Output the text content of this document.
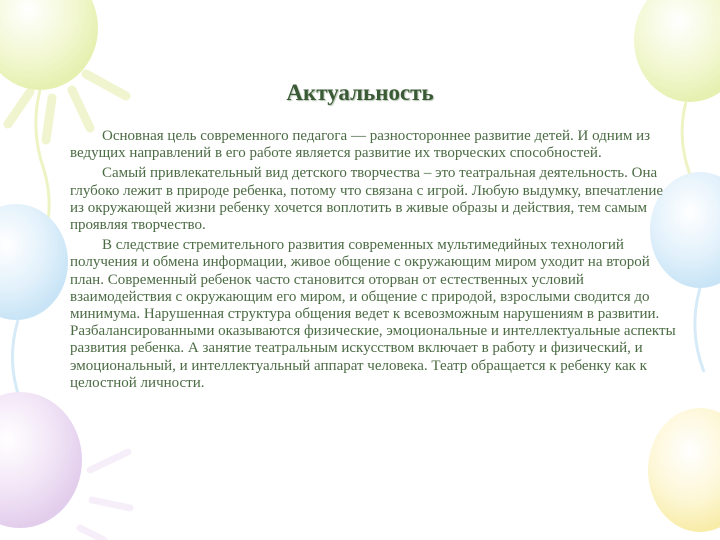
Актуальность

Основная цель современного педагога — разностороннее развитие детей. И одним из ведущих направлений в его работе является развитие их творческих способностей.

Самый привлекательный вид детского творчества – это театральная деятельность. Она глубоко лежит в природе ребенка, потому что связана с игрой. Любую выдумку, впечатление из окружающей жизни ребенку хочется воплотить в живые образы и действия, тем самым проявляя творчество.

В следствие стремительного развития современных мультимедийных технологий получения и обмена информации, живое общение с окружающим миром уходит на второй план. Современный ребенок часто становится оторван от естественных условий взаимодействия с окружающим его миром, и общение с природой, взрослыми сводится до минимума. Нарушенная структура общения ведет к всевозможным нарушениям в развитии. Разбалансированными оказываются физические, эмоциональные и интеллектуальные аспекты развития ребенка. А занятие театральным искусством включает в работу и физический, и эмоциональный, и интеллектуальный аппарат человека. Театр обращается к ребенку как к целостной личности.
